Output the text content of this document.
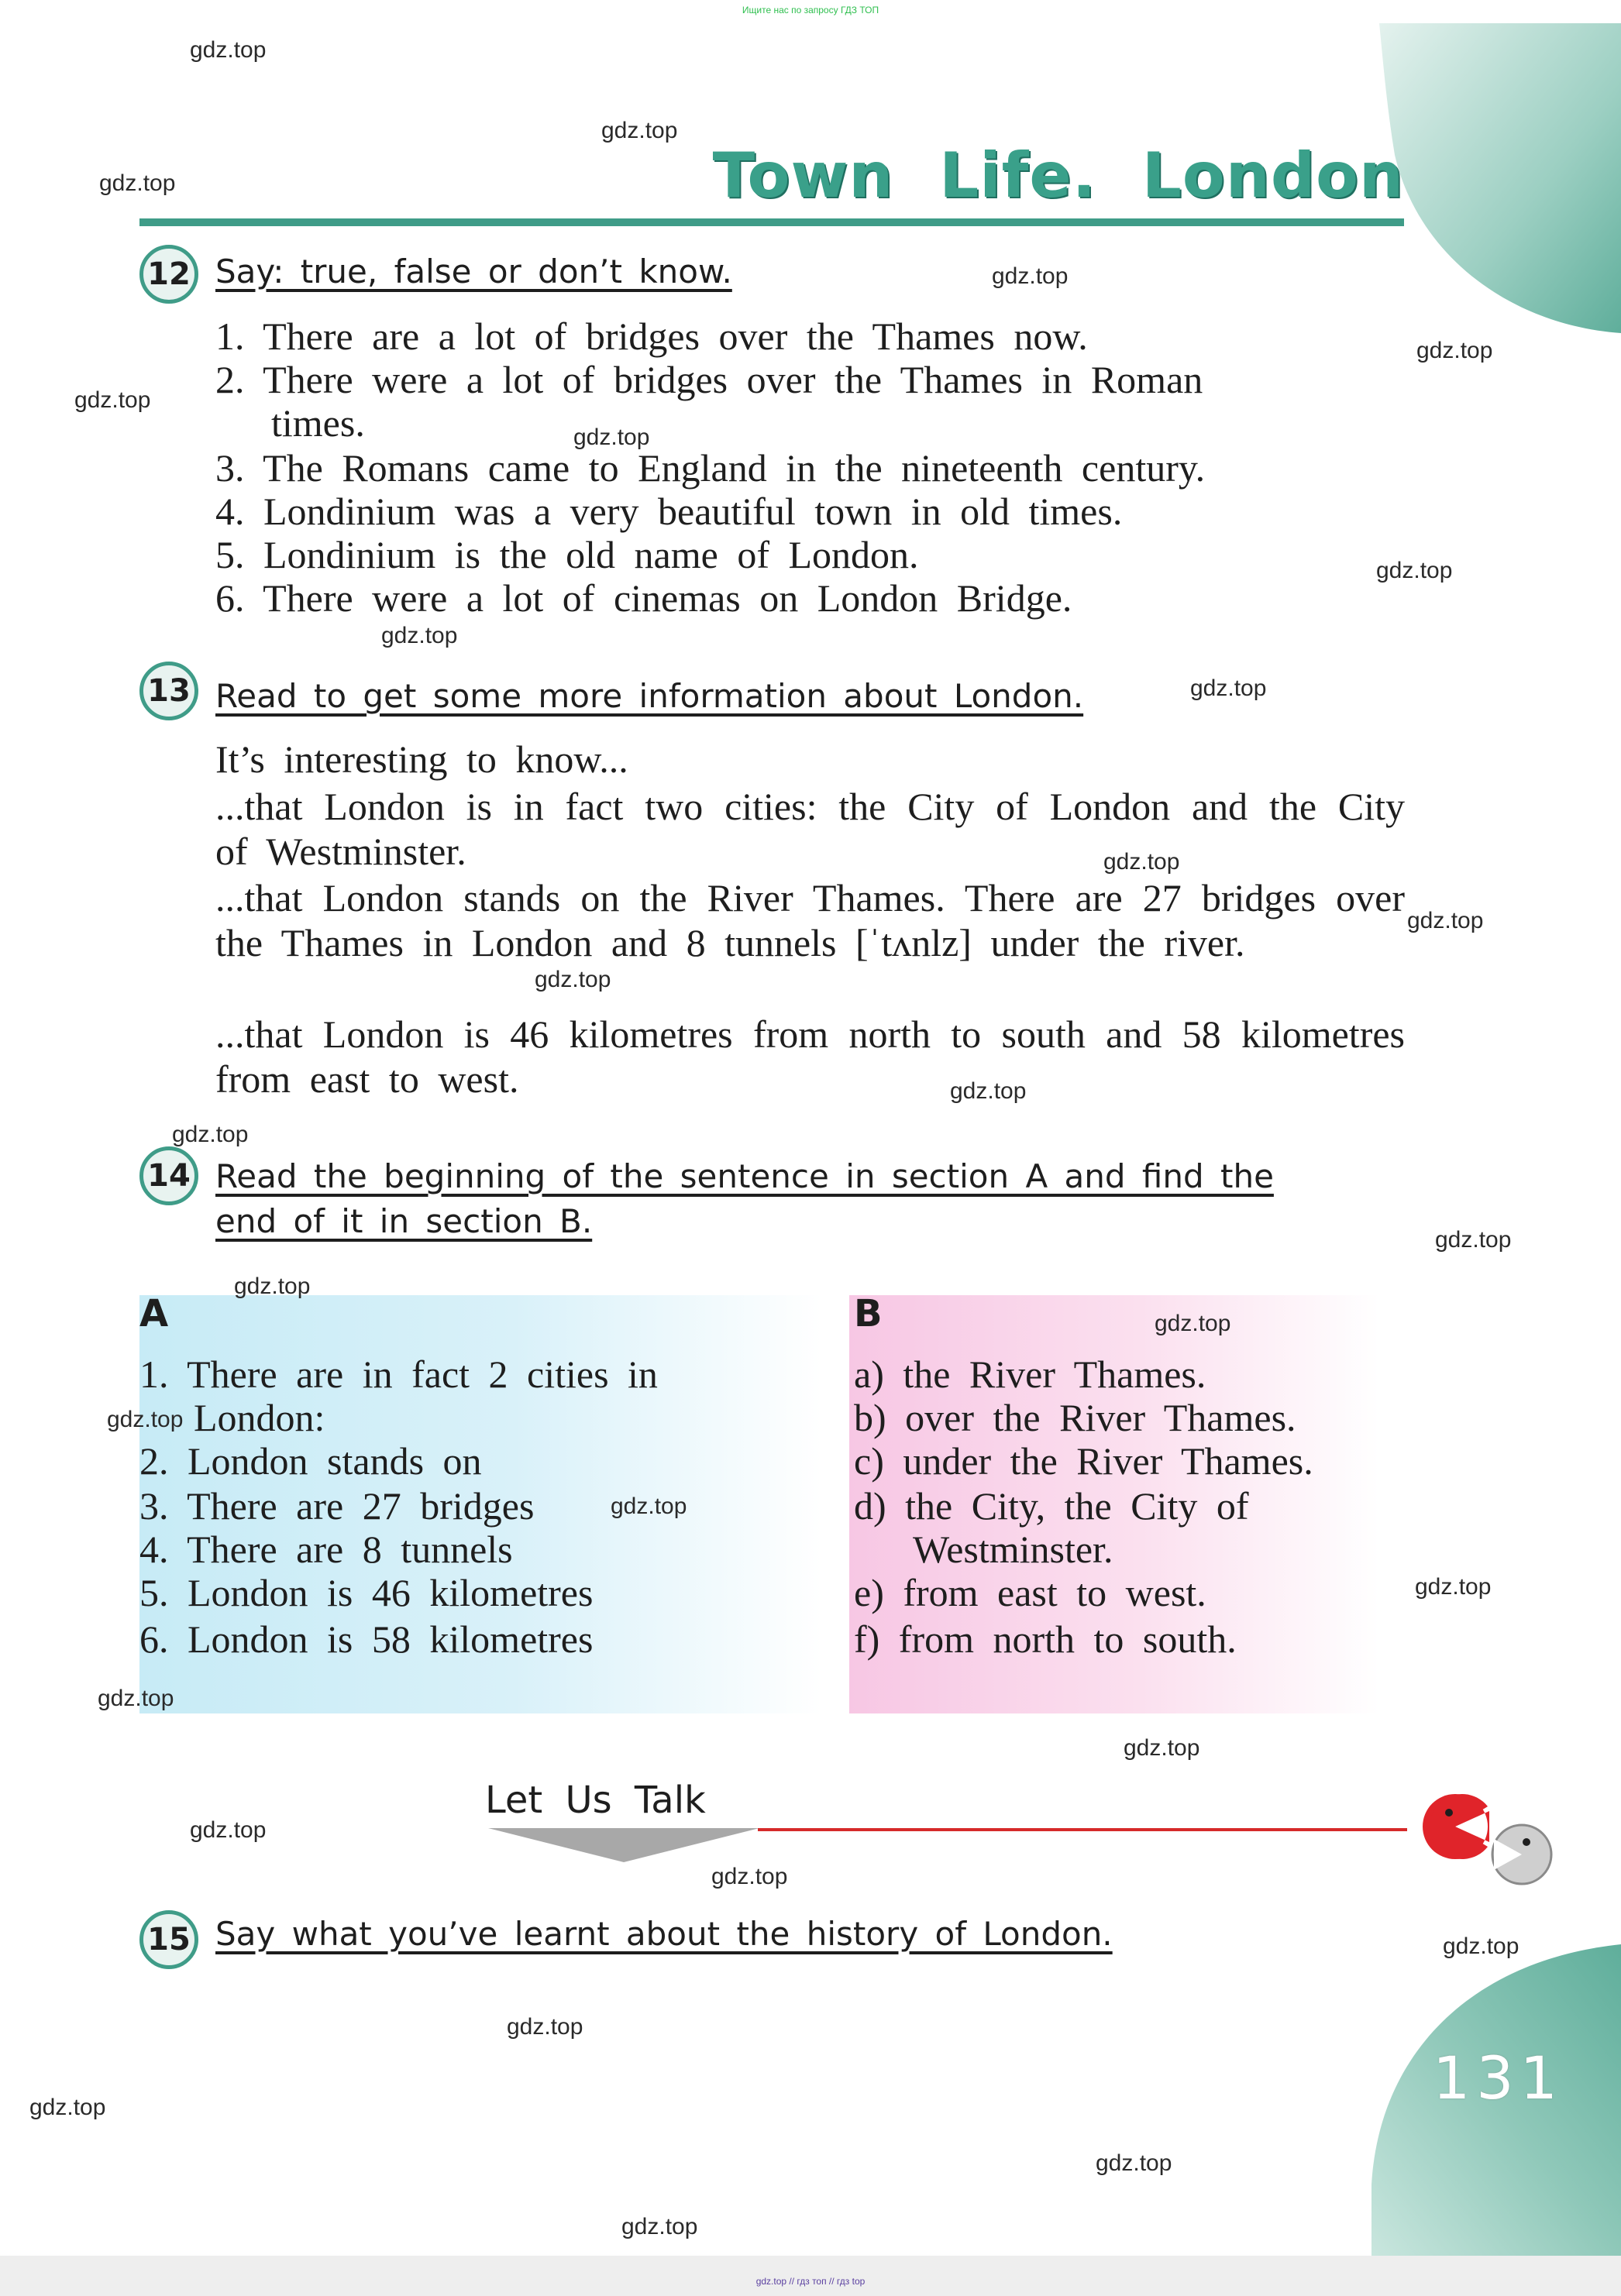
Ищите нас по запросу ГДЗ ТОП
Town Life. London
12 Say: true, false or don’t know.
1. There are a lot of bridges over the Thames now.
2. There were a lot of bridges over the Thames in Roman
times.
3. The Romans came to England in the nineteenth century.
4. Londinium was a very beautiful town in old times.
5. Londinium is the old name of London.
6. There were a lot of cinemas on London Bridge.
13 Read to get some more information about London.
It’s interesting to know...
...that London is in fact two cities: the City of London and the City of Westminster.
...that London stands on the River Thames. There are 27 bridges over the Thames in London and 8 tunnels [ˈtʌnlz] under the river.
...that London is 46 kilometres from north to south and 58 kilometres from east to west.
14 Read the beginning of the sentence in section A and find the
end of it in section B.
A
1. There are in fact 2 cities in
London:
2. London stands on
3. There are 27 bridges
4. There are 8 tunnels
5. London is 46 kilometres
6. London is 58 kilometres
B
a) the River Thames.
b) over the River Thames.
c) under the River Thames.
d) the City, the City of
Westminster.
e) from east to west.
f) from north to south.
Let Us Talk
15 Say what you’ve learnt about the history of London.
131
gdz.top
gdz.top
gdz.top
gdz.top
gdz.top
gdz.top
gdz.top
gdz.top
gdz.top
gdz.top
gdz.top
gdz.top
gdz.top
gdz.top
gdz.top
gdz.top
gdz.top
gdz.top
gdz.top
gdz.top
gdz.top
gdz.top
gdz.top
gdz.top
gdz.top
gdz.top
gdz.top
gdz.top
gdz.top
gdz.top
gdz.top // гдз топ // гдз top
